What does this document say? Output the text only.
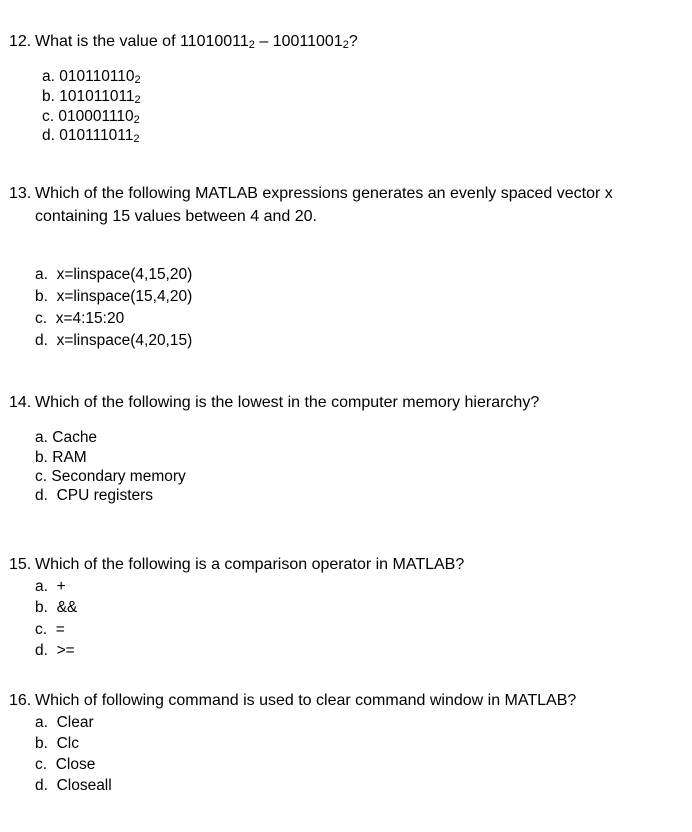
12. What is the value of $11010011_2 - 10011001_2$?
a. $010110110_2$
b. $101011011_2$
c. $010001110_2$
d. $010111011_2$
13. Which of the following MATLAB expressions generates an evenly spaced vector x
containing 15 values between 4 and 20.
a. x=linspace(4,15,20)
b. x=linspace(15,4,20)
c. x=4:15:20
d. x=linspace(4,20,15)
14. Which of the following is the lowest in the computer memory hierarchy?
a. Cache
b. RAM
c. Secondary memory
d. CPU registers
15. Which of the following is a comparison operator in MATLAB?
a. +
b. &&
c. =
d. >=
16. Which of following command is used to clear command window in MATLAB?
a. Clear
b. Clc
c. Close
d. Closeall
